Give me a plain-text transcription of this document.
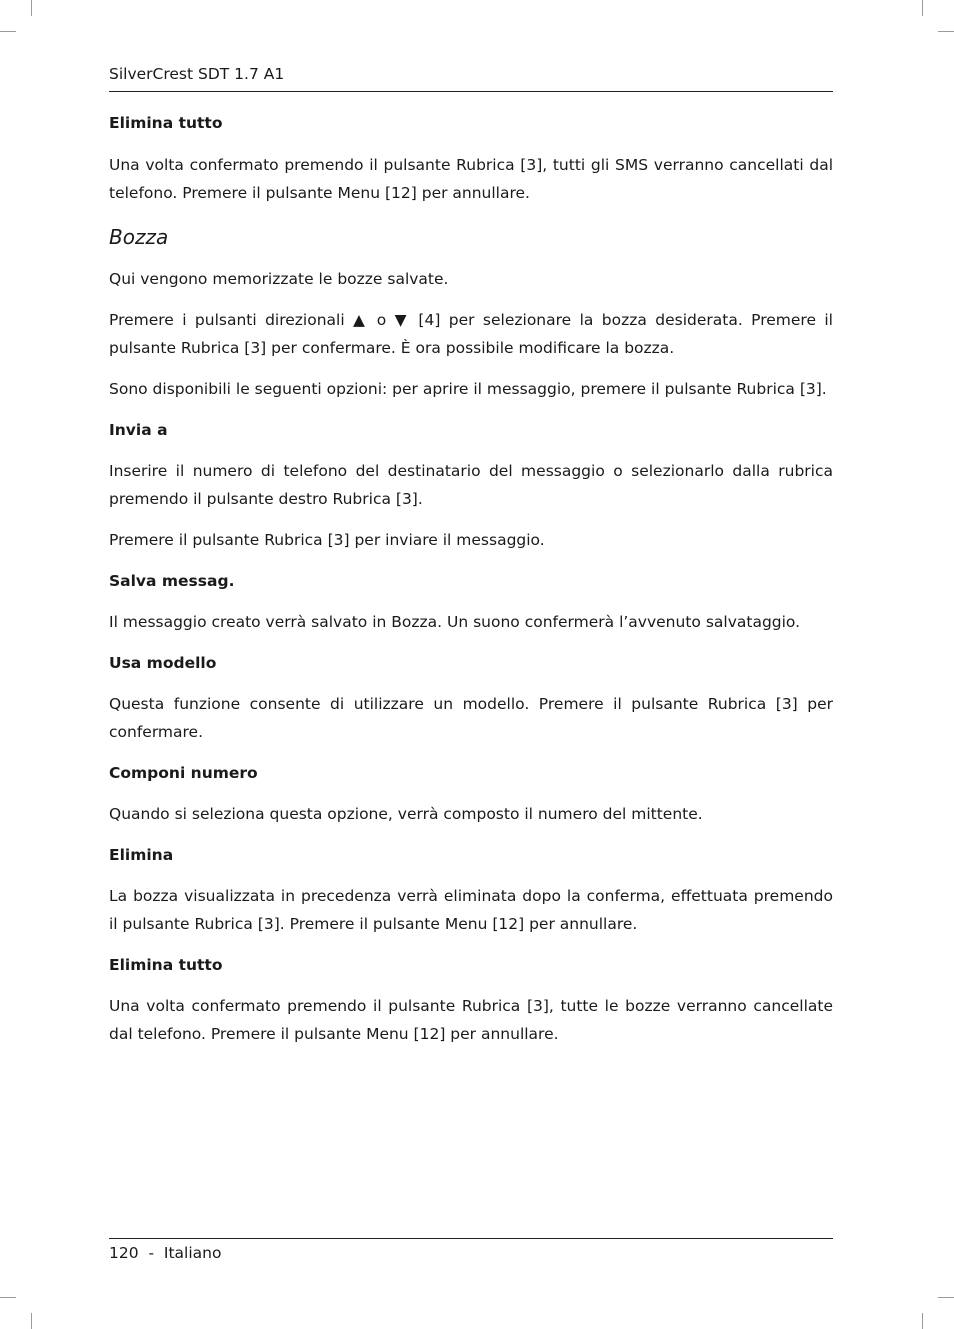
SilverCrest SDT 1.7 A1
Elimina tutto

Una volta confermato premendo il pulsante Rubrica [3], tutti gli SMS verranno cancellati dal telefono. Premere il pulsante Menu [12] per annullare.

Bozza

Qui vengono memorizzate le bozze salvate.

Premere i pulsanti direzionali ▲ o ▼ [4] per selezionare la bozza desiderata. Premere il pulsante Rubrica [3] per confermare. È ora possibile modificare la bozza.

Sono disponibili le seguenti opzioni: per aprire il messaggio, premere il pulsante Rubrica [3].

Invia a

Inserire il numero di telefono del destinatario del messaggio o selezionarlo dalla rubrica premendo il pulsante destro Rubrica [3].

Premere il pulsante Rubrica [3] per inviare il messaggio.

Salva messag.

Il messaggio creato verrà salvato in Bozza. Un suono confermerà l’avvenuto salvataggio.

Usa modello

Questa funzione consente di utilizzare un modello. Premere il pulsante Rubrica [3] per confermare.

Componi numero

Quando si seleziona questa opzione, verrà composto il numero del mittente.

Elimina

La bozza visualizzata in precedenza verrà eliminata dopo la conferma, effettuata premendo il pulsante Rubrica [3]. Premere il pulsante Menu [12] per annullare.

Elimina tutto

Una volta confermato premendo il pulsante Rubrica [3], tutte le bozze verranno cancellate dal telefono. Premere il pulsante Menu [12] per annullare.

120 - Italiano
